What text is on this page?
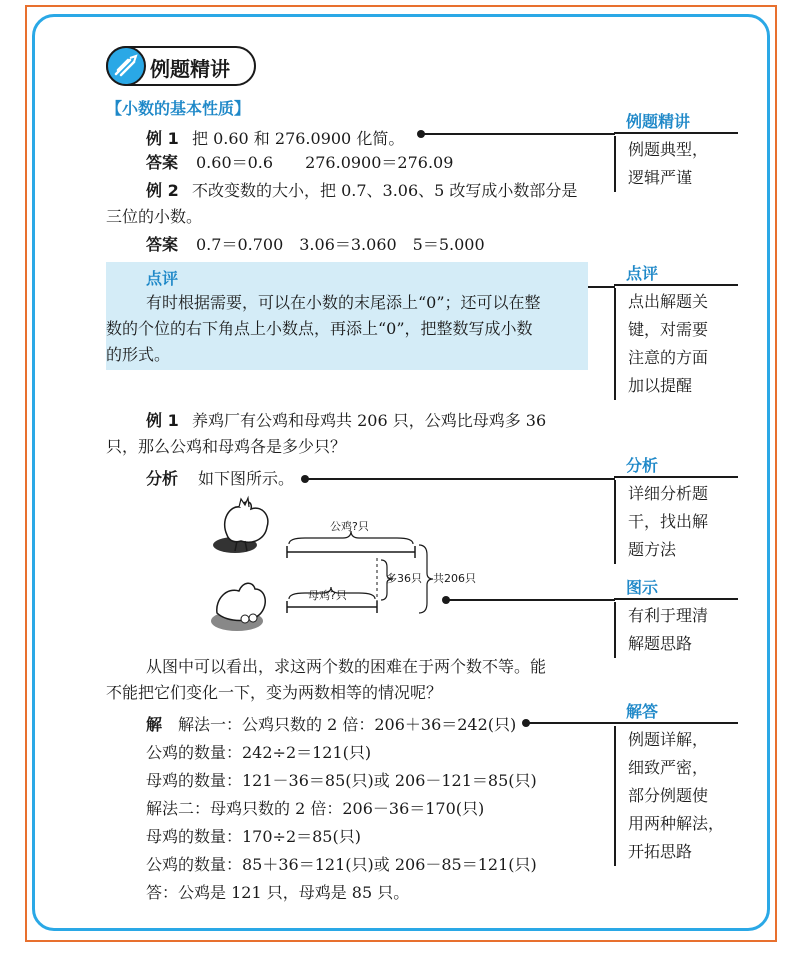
例题精讲
【小数的基本性质】
例 1 把 0.60 和 276.0900 化简。
答案 0.60＝0.6　　276.0900＝276.09
例 2 不改变数的大小，把 0.7、3.06、5 改写成小数部分是
三位的小数。
答案 0.7＝0.700　3.06＝3.060　5＝5.000
点评
有时根据需要，可以在小数的末尾添上“0”；还可以在整
数的个位的右下角点上小数点，再添上“0”，把整数写成小数
的形式。
例 1 养鸡厂有公鸡和母鸡共 206 只，公鸡比母鸡多 36
只，那么公鸡和母鸡各是多少只？
分析 如下图所示。
公鸡?只
母鸡?只
多36只 共206只
从图中可以看出，求这两个数的困难在于两个数不等。能
不能把它们变化一下，变为两数相等的情况呢？
解 解法一：公鸡只数的 2 倍：206＋36＝242(只)
公鸡的数量：242÷2＝121(只)
母鸡的数量：121－36＝85(只)或 206－121＝85(只)
解法二：母鸡只数的 2 倍：206－36＝170(只)
母鸡的数量：170÷2＝85(只)
公鸡的数量：85＋36＝121(只)或 206－85＝121(只)
答：公鸡是 121 只，母鸡是 85 只。
例题精讲
例题典型，
逻辑严谨
点评
点出解题关
键，对需要
注意的方面
加以提醒
分析
详细分析题
干，找出解
题方法
图示
有利于理清
解题思路
解答
例题详解，
细致严密，
部分例题使
用两种解法，
开拓思路
